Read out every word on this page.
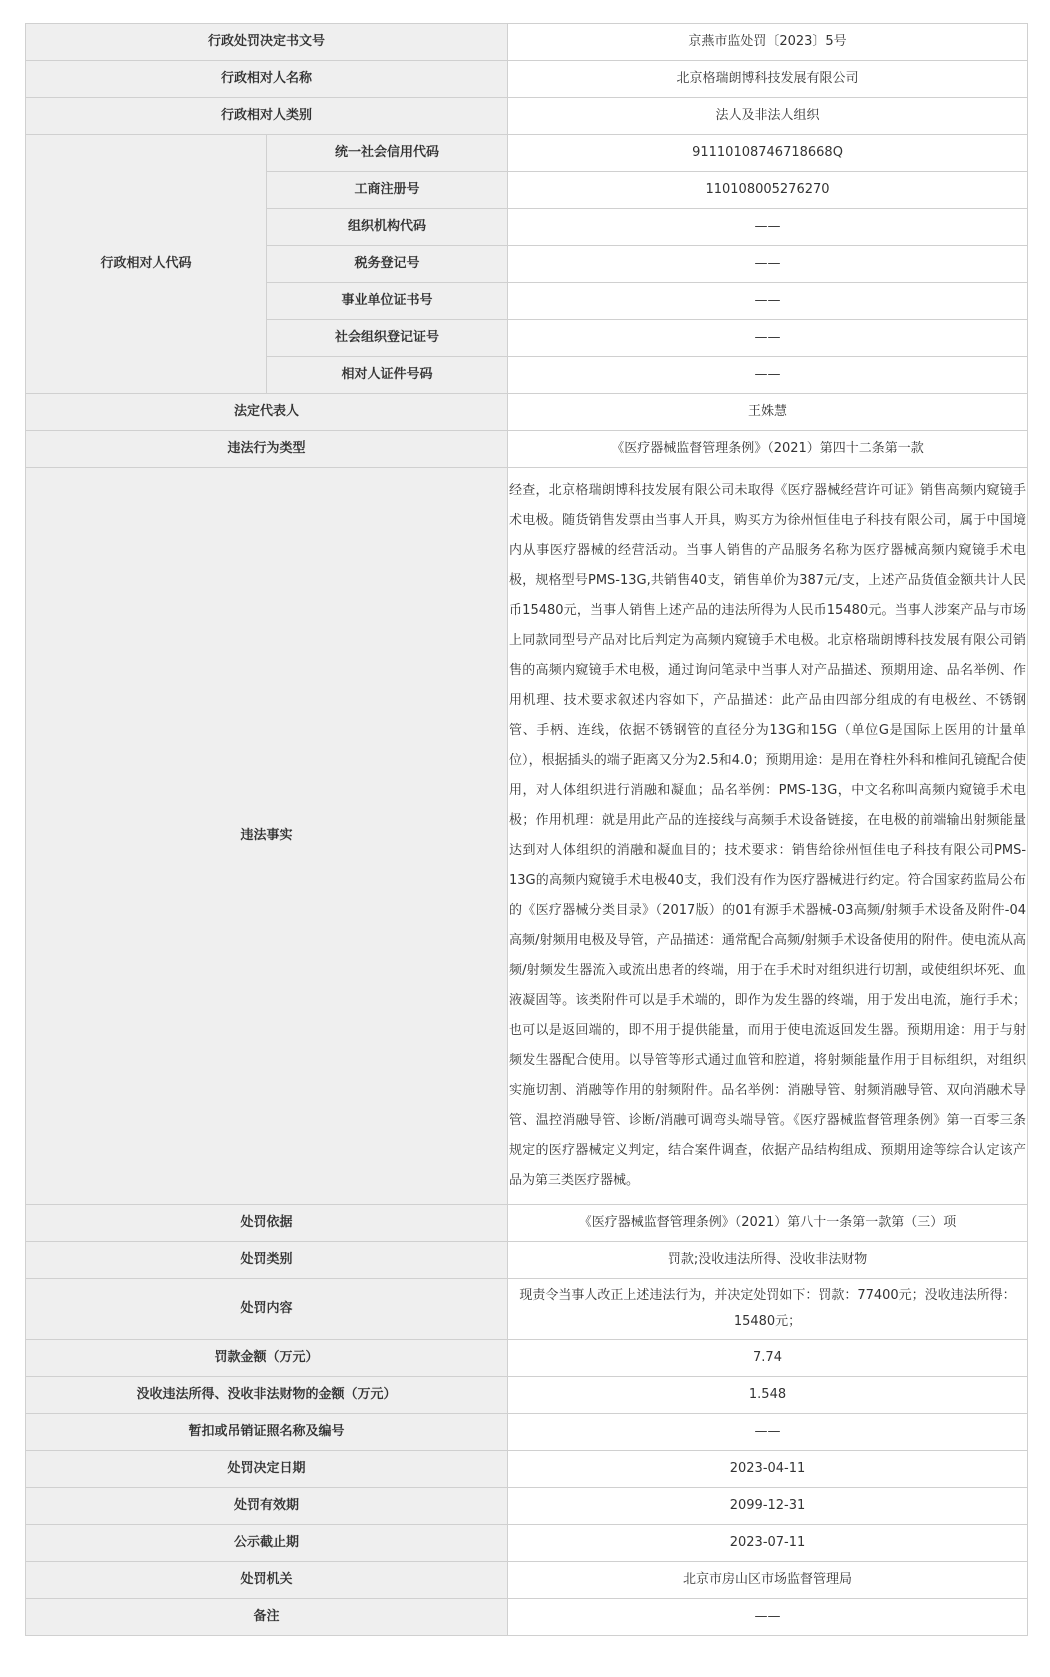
行政处罚决定书文号		京燕市监处罚〔2023〕5号
行政相对人名称		北京格瑞朗博科技发展有限公司
行政相对人类别		法人及非法人组织
行政相对人代码	统一社会信用代码	91110108746718668Q
	工商注册号	110108005276270
	组织机构代码	——
	税务登记号	——
	事业单位证书号	——
	社会组织登记证号	——
	相对人证件号码	——
法定代表人		王姝慧
违法行为类型		《医疗器械监督管理条例》（2021）第四十二条第一款
违法事实		经查，北京格瑞朗博科技发展有限公司未取得《医疗器械经营许可证》销售高频内窥镜手术电极。随货销售发票由当事人开具，购买方为徐州恒佳电子科技有限公司，属于中国境内从事医疗器械的经营活动。当事人销售的产品服务名称为医疗器械高频内窥镜手术电极，规格型号PMS-13G,共销售40支，销售单价为387元/支，上述产品货值金额共计人民币15480元，当事人销售上述产品的违法所得为人民币15480元。当事人涉案产品与市场上同款同型号产品对比后判定为高频内窥镜手术电极。北京格瑞朗博科技发展有限公司销售的高频内窥镜手术电极，通过询问笔录中当事人对产品描述、预期用途、品名举例、作用机理、技术要求叙述内容如下，产品描述：此产品由四部分组成的有电极丝、不锈钢管、手柄、连线，依据不锈钢管的直径分为13G和15G（单位G是国际上医用的计量单位），根据插头的端子距离又分为2.5和4.0；预期用途：是用在脊柱外科和椎间孔镜配合使用，对人体组织进行消融和凝血；品名举例：PMS-13G，中文名称叫高频内窥镜手术电极；作用机理：就是用此产品的连接线与高频手术设备链接，在电极的前端输出射频能量达到对人体组织的消融和凝血目的；技术要求：销售给徐州恒佳电子科技有限公司PMS-13G的高频内窥镜手术电极40支，我们没有作为医疗器械进行约定。符合国家药监局公布的《医疗器械分类目录》（2017版）的01有源手术器械-03高频/射频手术设备及附件-04高频/射频用电极及导管，产品描述：通常配合高频/射频手术设备使用的附件。使电流从高频/射频发生器流入或流出患者的终端，用于在手术时对组织进行切割，或使组织坏死、血液凝固等。该类附件可以是手术端的，即作为发生器的终端，用于发出电流，施行手术；也可以是返回端的，即不用于提供能量，而用于使电流返回发生器。预期用途：用于与射频发生器配合使用。以导管等形式通过血管和腔道，将射频能量作用于目标组织，对组织实施切割、消融等作用的射频附件。品名举例：消融导管、射频消融导管、双向消融术导管、温控消融导管、诊断/消融可调弯头端导管。《医疗器械监督管理条例》第一百零三条规定的医疗器械定义判定，结合案件调查，依据产品结构组成、预期用途等综合认定该产品为第三类医疗器械。
处罚依据		《医疗器械监督管理条例》（2021）第八十一条第一款第（三）项
处罚类别		罚款;没收违法所得、没收非法财物
处罚内容		现责令当事人改正上述违法行为，并决定处罚如下：罚款：77400元；没收违法所得：15480元；
罚款金额（万元）		7.74
没收违法所得、没收非法财物的金额（万元）		1.548
暂扣或吊销证照名称及编号		——
处罚决定日期		2023-04-11
处罚有效期		2099-12-31
公示截止期		2023-07-11
处罚机关		北京市房山区市场监督管理局
备注		——
